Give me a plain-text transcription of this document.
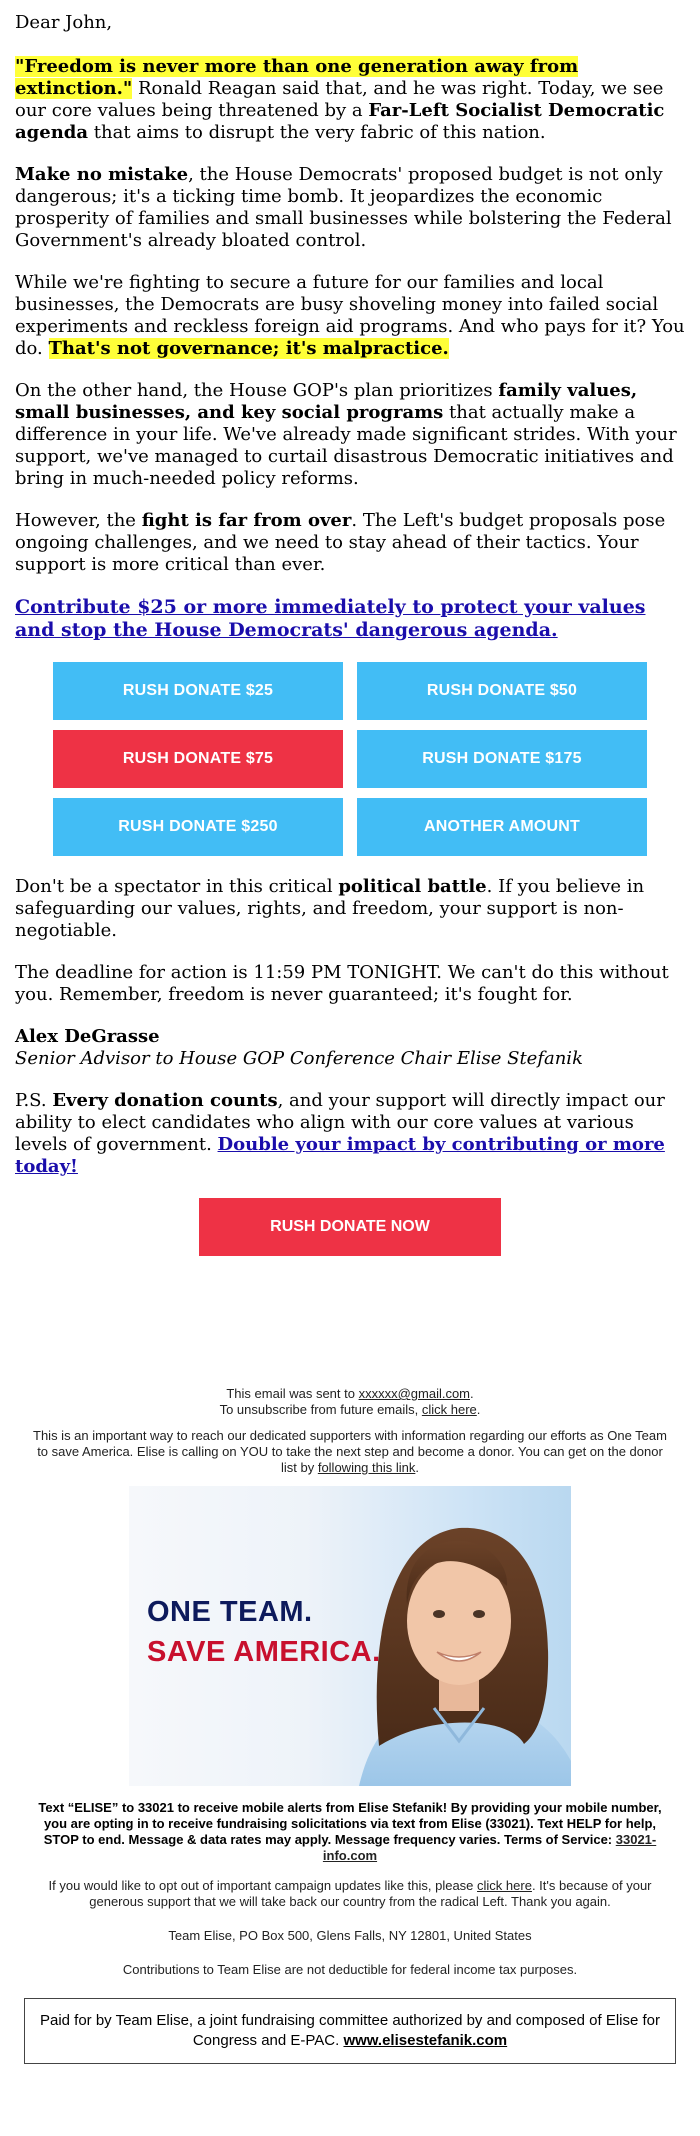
Dear John,

"Freedom is never more than one generation away from extinction." Ronald Reagan said that, and he was right. Today, we see our core values being threatened by a Far-Left Socialist Democratic agenda that aims to disrupt the very fabric of this nation.

Make no mistake, the House Democrats' proposed budget is not only dangerous; it's a ticking time bomb. It jeopardizes the economic prosperity of families and small businesses while bolstering the Federal Government's already bloated control.

While we're fighting to secure a future for our families and local businesses, the Democrats are busy shoveling money into failed social experiments and reckless foreign aid programs. And who pays for it? You do. That's not governance; it's malpractice.

On the other hand, the House GOP's plan prioritizes family values, small businesses, and key social programs that actually make a difference in your life. We've already made significant strides. With your support, we've managed to curtail disastrous Democratic initiatives and bring in much-needed policy reforms.

However, the fight is far from over. The Left's budget proposals pose ongoing challenges, and we need to stay ahead of their tactics. Your support is more critical than ever.

Contribute $25 or more immediately to protect your values and stop the House Democrats' dangerous agenda.

RUSH DONATE $25	RUSH DONATE $50
RUSH DONATE $75	RUSH DONATE $175
RUSH DONATE $250	ANOTHER AMOUNT

Don't be a spectator in this critical political battle. If you believe in safeguarding our values, rights, and freedom, your support is non-negotiable.

The deadline for action is 11:59 PM TONIGHT. We can't do this without you. Remember, freedom is never guaranteed; it's fought for.

Alex DeGrasse

Senior Advisor to House GOP Conference Chair Elise Stefanik

P.S. Every donation counts, and your support will directly impact our ability to elect candidates who align with our core values at various levels of government. Double your impact by contributing or more today!

RUSH DONATE NOW
This email was sent to xxxxxx@gmail.com.
To unsubscribe from future emails, click here.
This is an important way to reach our dedicated supporters with information regarding our efforts as One Team to save America. Elise is calling on YOU to take the next step and become a donor. You can get on the donor list by following this link.
ONE TEAM.
SAVE AMERICA.
Text “ELISE” to 33021 to receive mobile alerts from Elise Stefanik! By providing your mobile number, you are opting in to receive fundraising solicitations via text from Elise (33021). Text HELP for help, STOP to end. Message & data rates may apply. Message frequency varies. Terms of Service: 33021-info.com
If you would like to opt out of important campaign updates like this, please click here. It's because of your generous support that we will take back our country from the radical Left. Thank you again.
Team Elise, PO Box 500, Glens Falls, NY 12801, United States
Contributions to Team Elise are not deductible for federal income tax purposes.
Paid for by Team Elise, a joint fundraising committee authorized by and composed of Elise for Congress and E-PAC. www.elisestefanik.com
